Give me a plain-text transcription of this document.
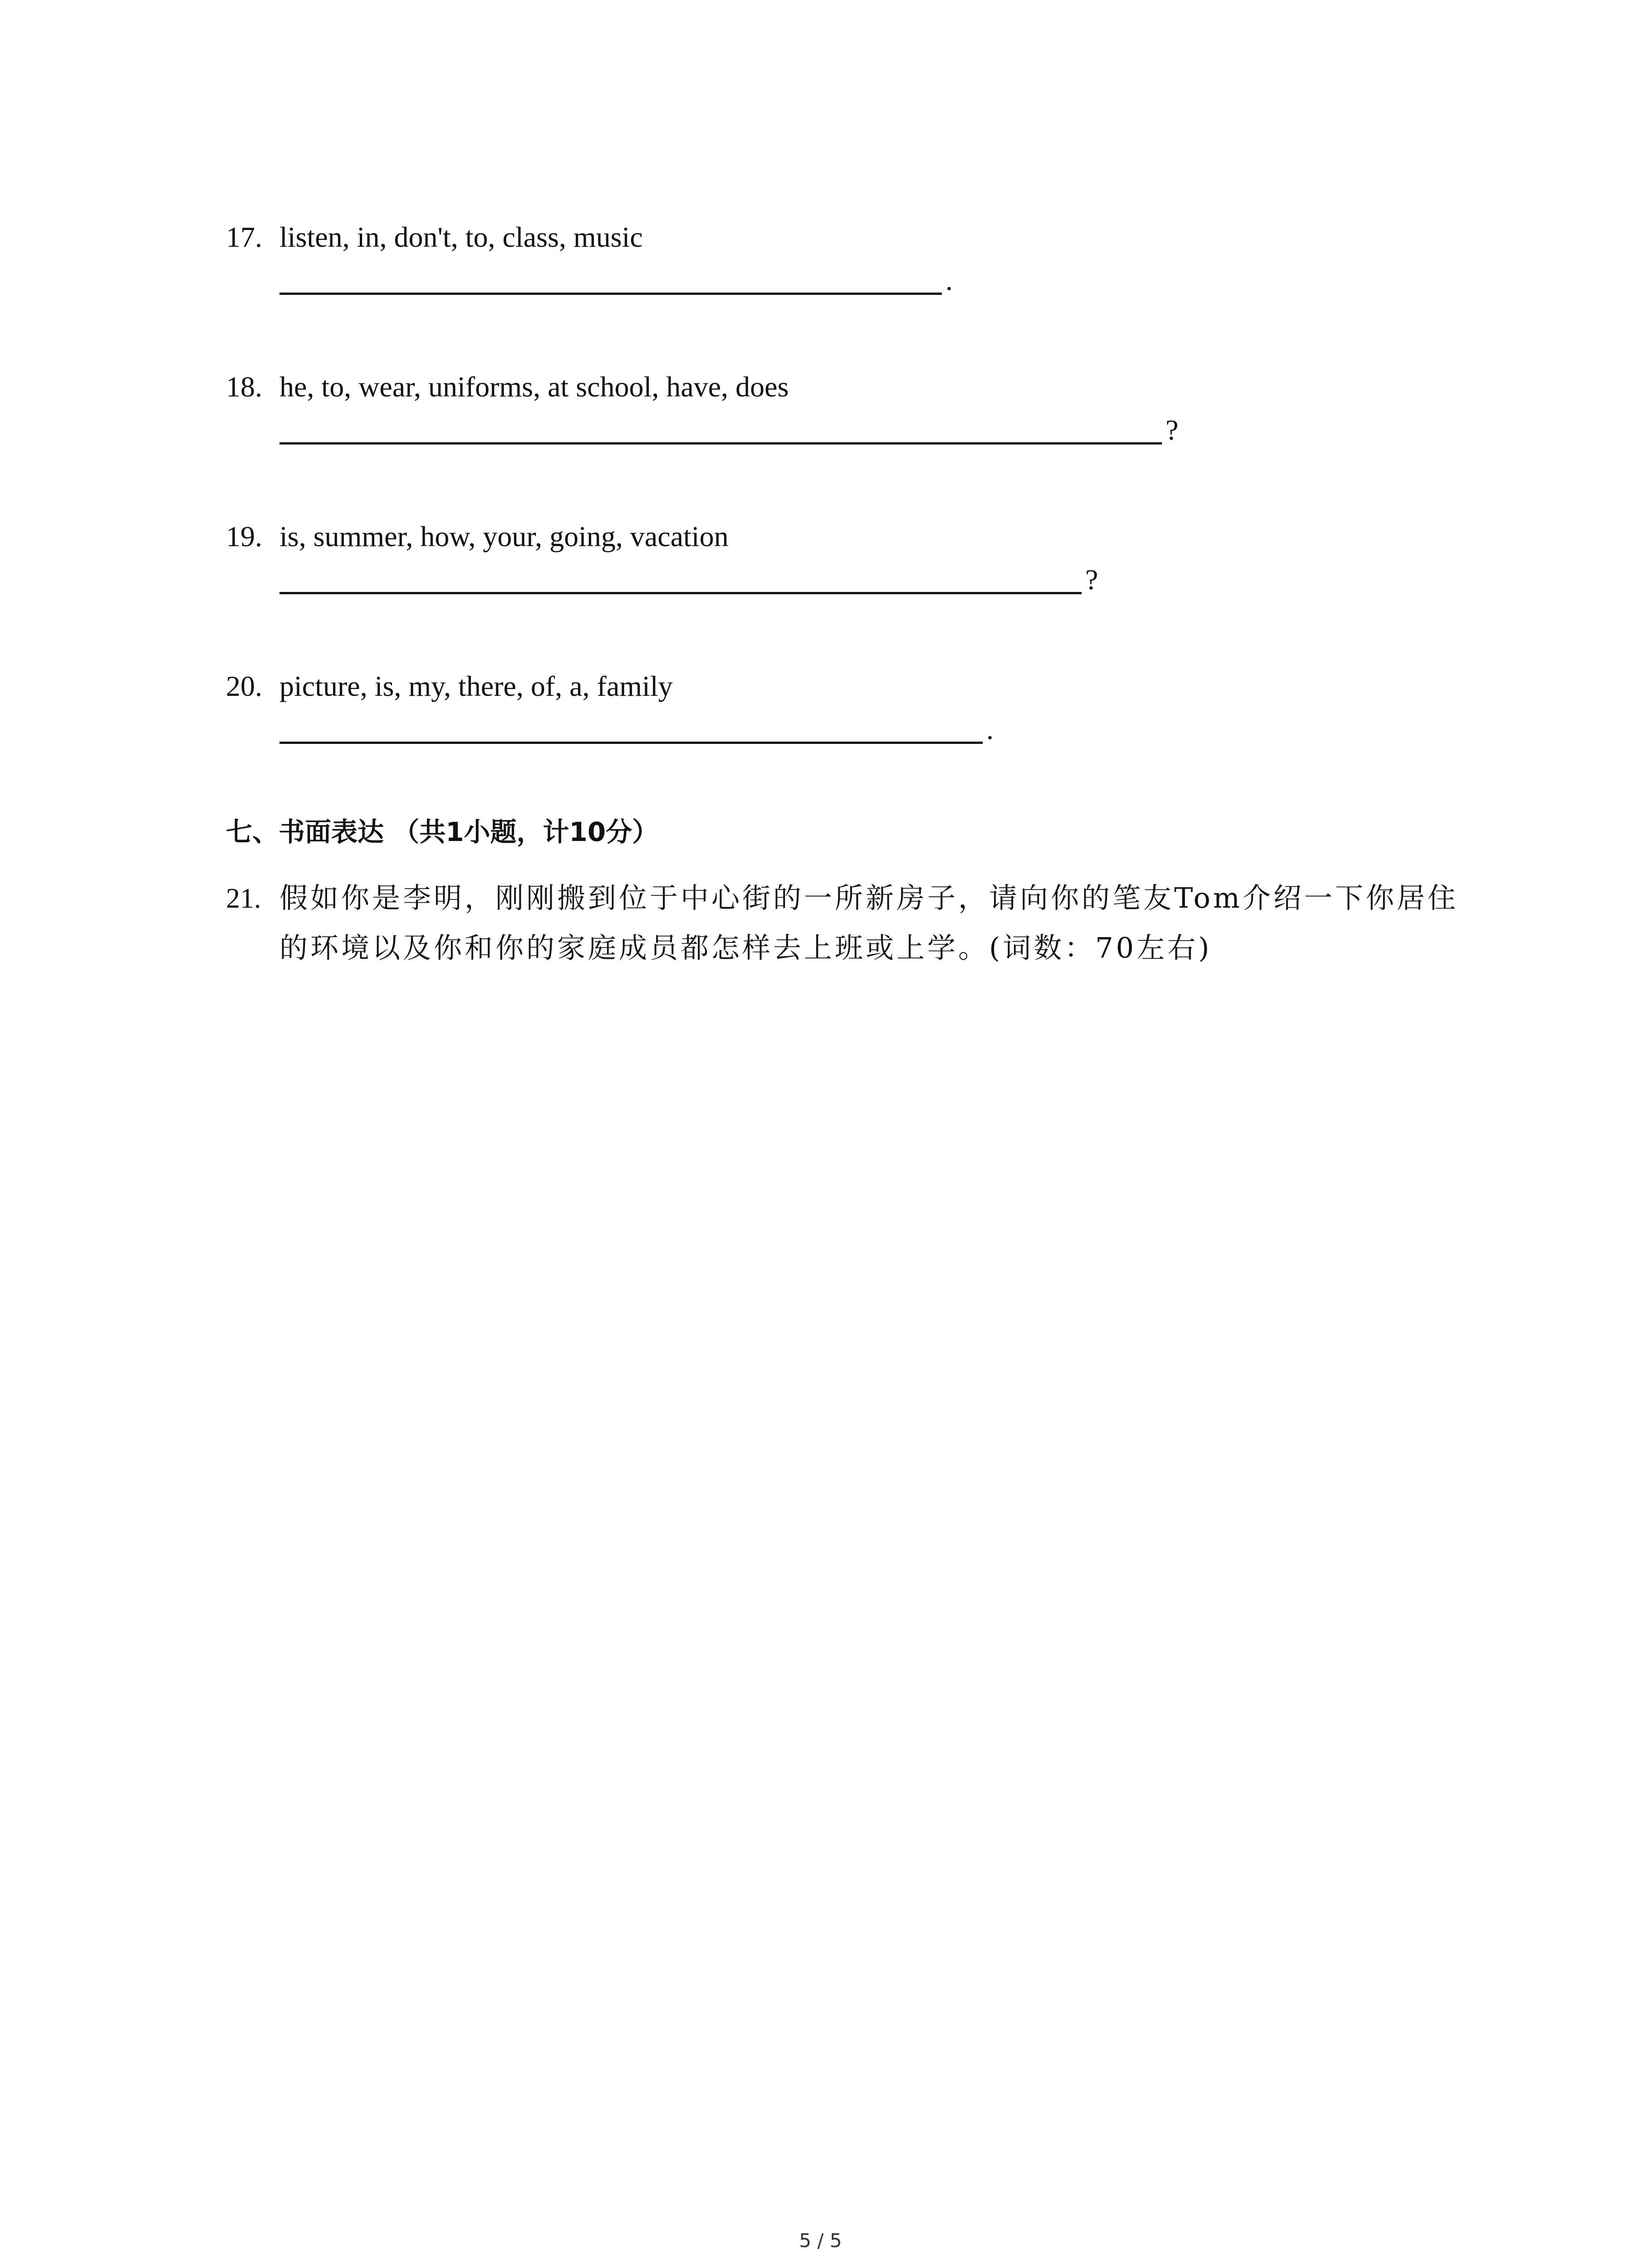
17. listen, in, don't, to, class, music
.
18. he, to, wear, uniforms, at school, have, does
?
19. is, summer, how, your, going, vacation
?
20. picture, is, my, there, of, a, family
.
七、书面表达 （共1小题，计10分）
21. 假如你是李明，刚刚搬到位于中心街的一所新房子，请向你的笔友Tom介绍一下你居住
的环境以及你和你的家庭成员都怎样去上班或上学。(词数：70左右)
5 / 5
